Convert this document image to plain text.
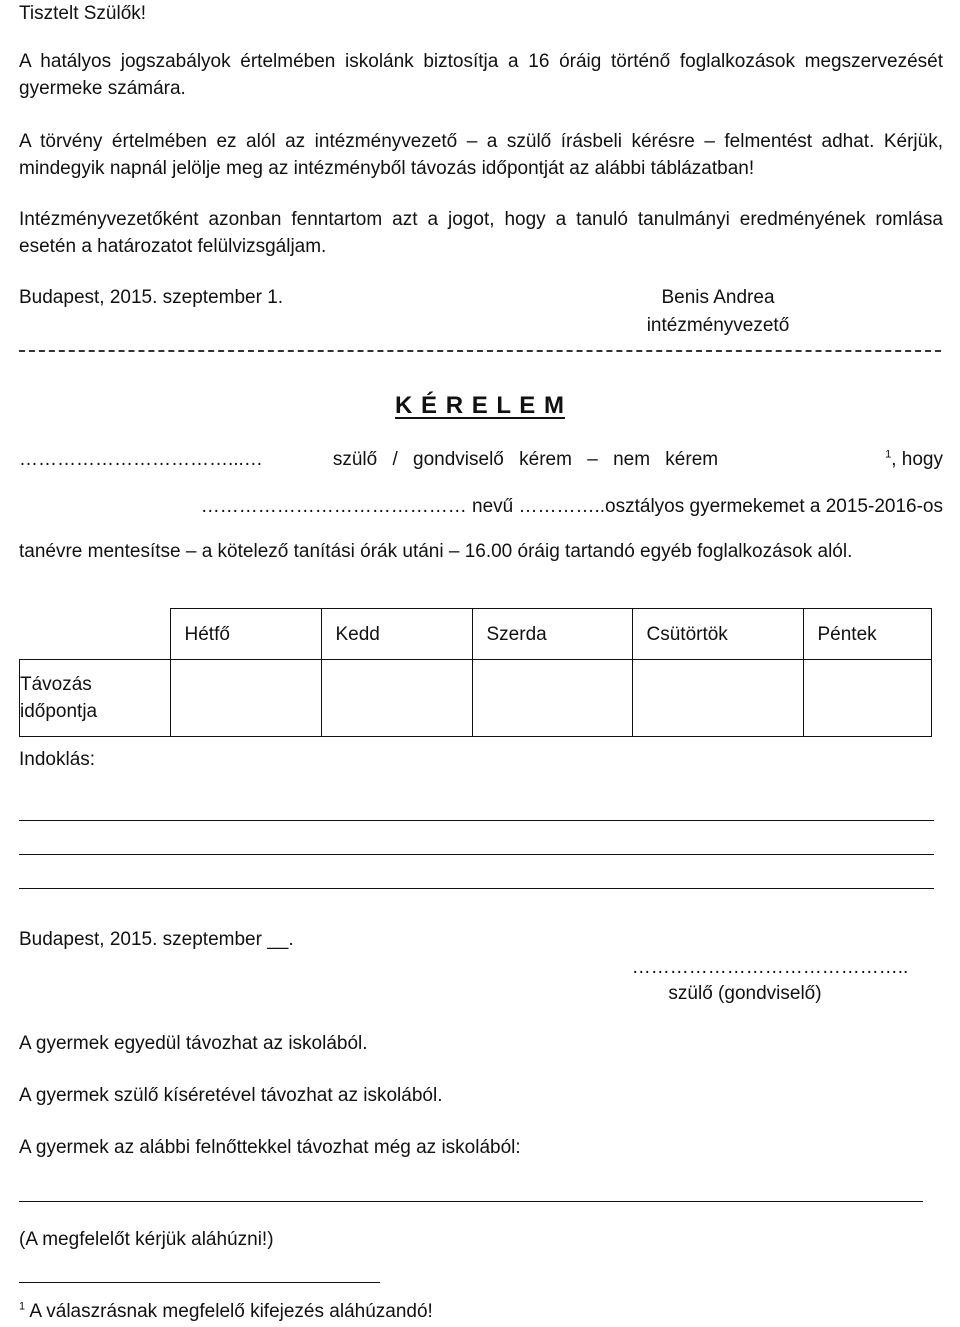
Tisztelt Szülők!
A hatályos jogszabályok értelmében iskolánk biztosítja a 16 óráig történő foglalkozások megszervezését gyermeke számára.
A törvény értelmében ez alól az intézményvezető – a szülő írásbeli kérésre – felmentést adhat. Kérjük, mindegyik napnál jelölje meg az intézményből távozás időpontját az alábbi táblázatban!
Intézményvezetőként azonban fenntartom azt a jogot, hogy a tanuló tanulmányi eredményének romlása esetén a határozatot felülvizsgáljam.
Budapest, 2015. szeptember 1.	Benis Andrea
intézményvezető
K É R E L E M
……………………………...…	szülő / gondviselő kérem – nem kérem	$^1$, hogy
…………………………………… nevű …………..osztályos gyermekemet a 2015-2016-os
tanévre mentesítse – a kötelező tanítási órák utáni – 16.00 óráig tartandó egyéb foglalkozások alól.
	Hétfő	Kedd	Szerda	Csütörtök	Péntek
Távozás
időpontja					
Indoklás:
Budapest, 2015. szeptember __.
……………………………………..
szülő (gondviselő)
A gyermek egyedül távozhat az iskolából.
A gyermek szülő kíséretével távozhat az iskolából.
A gyermek az alábbi felnőttekkel távozhat még az iskolából:
(A megfelelőt kérjük aláhúzni!)
$^1$ A válaszrásnak megfelelő kifejezés aláhúzandó!
